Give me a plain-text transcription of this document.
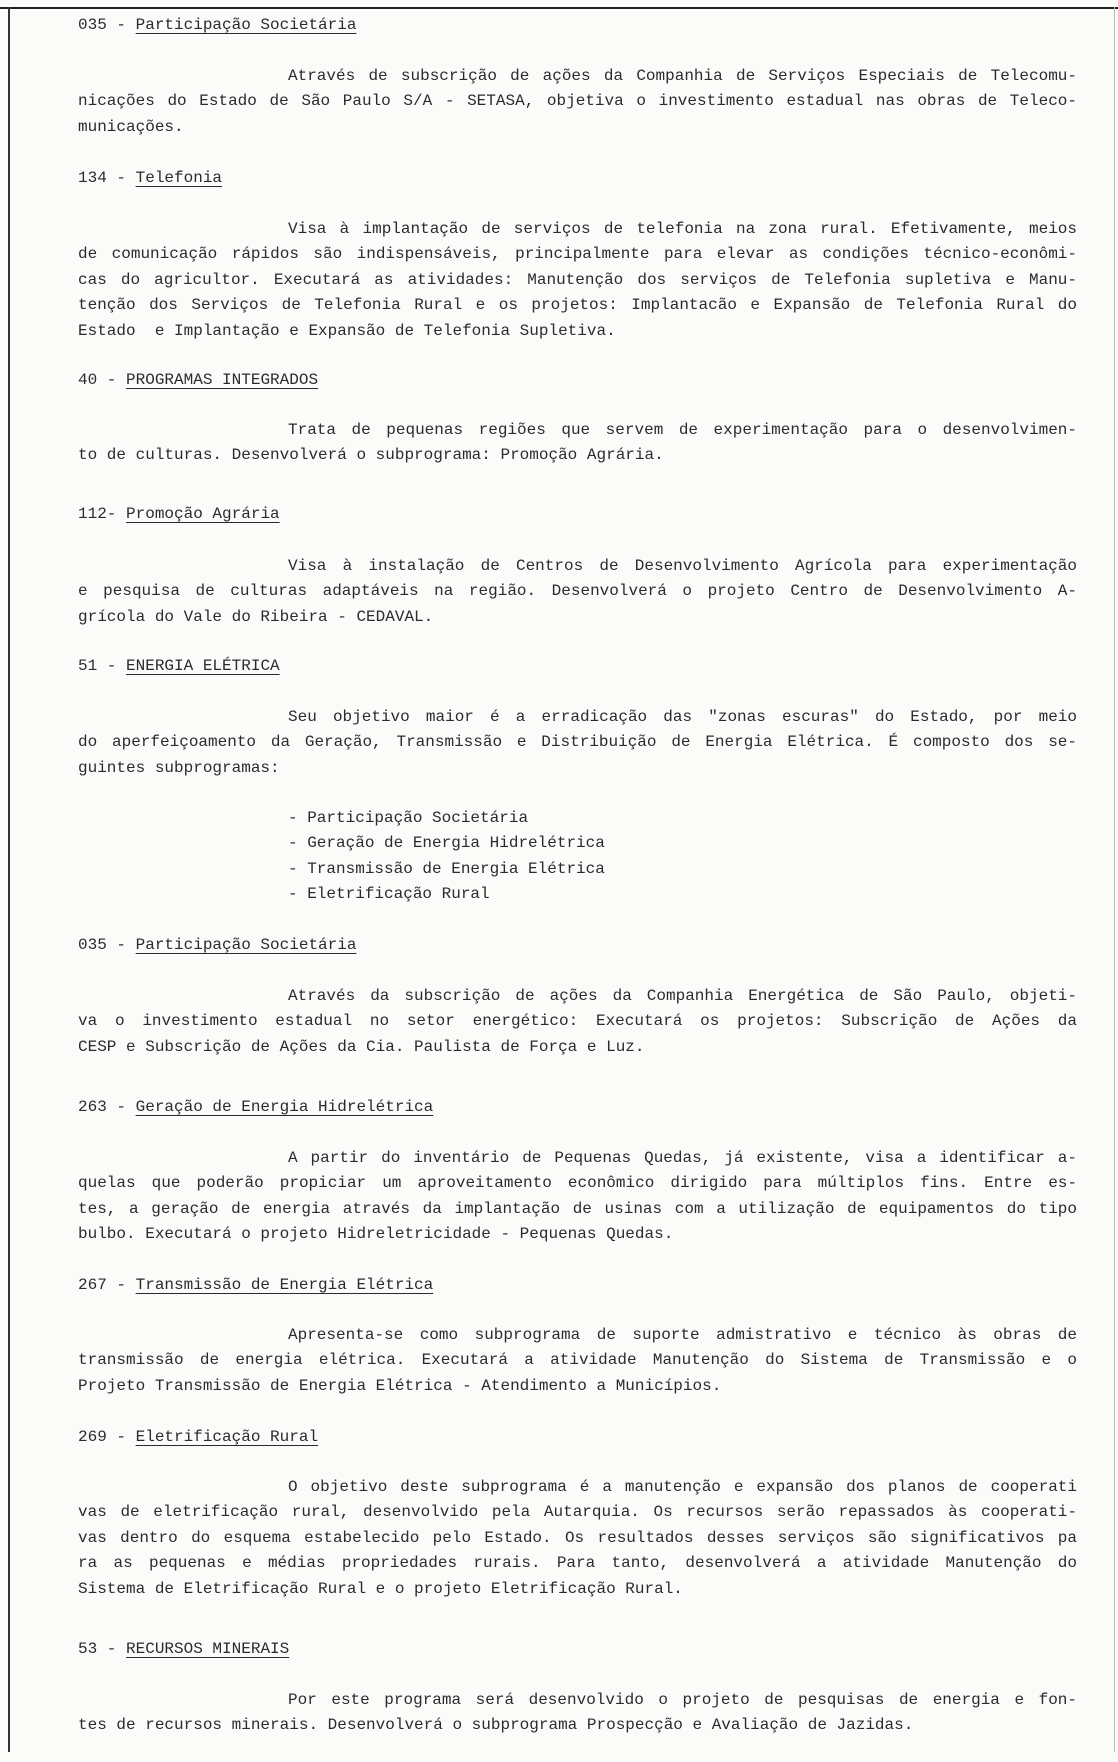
035 - Participação Societária
Através de subscrição de ações da Companhia de Serviços Especiais de Telecomu-
nicações do Estado de São Paulo S/A - SETASA, objetiva o investimento estadual nas obras de Teleco-
municações.
134 - Telefonia
Visa à implantação de serviços de telefonia na zona rural. Efetivamente, meios
de comunicação rápidos são indispensáveis, principalmente para elevar as condições técnico-econômi-
cas do agricultor. Executará as atividades: Manutenção dos serviços de Telefonia supletiva e Manu-
tenção dos Serviços de Telefonia Rural e os projetos: Implantacão e Expansão de Telefonia Rural do
Estado  e Implantação e Expansão de Telefonia Supletiva.
40 - PROGRAMAS INTEGRADOS
Trata de pequenas regiões que servem de experimentação para o desenvolvimen-
to de culturas. Desenvolverá o subprograma: Promoção Agrária.
112- Promoção Agrária
Visa à instalação de Centros de Desenvolvimento Agrícola para experimentação
e pesquisa de culturas adaptáveis na região. Desenvolverá o projeto Centro de Desenvolvimento A-
grícola do Vale do Ribeira - CEDAVAL.
51 - ENERGIA ELÉTRICA
Seu objetivo maior é a erradicação das "zonas escuras" do Estado, por meio
do aperfeiçoamento da Geração, Transmissão e Distribuição de Energia Elétrica. É composto dos se-
guintes subprogramas:
- Participação Societária
- Geração de Energia Hidrelétrica
- Transmissão de Energia Elétrica
- Eletrificação Rural
035 - Participação Societária
Através da subscrição de ações da Companhia Energética de São Paulo, objeti-
va o investimento estadual no setor energético: Executará os projetos: Subscrição de Ações da
CESP e Subscrição de Ações da Cia. Paulista de Força e Luz.
263 - Geração de Energia Hidrelétrica
A partir do inventário de Pequenas Quedas, já existente, visa a identificar a-
quelas que poderão propiciar um aproveitamento econômico dirigido para múltiplos fins. Entre es-
tes, a geração de energia através da implantação de usinas com a utilização de equipamentos do tipo
bulbo. Executará o projeto Hidreletricidade - Pequenas Quedas.
267 - Transmissão de Energia Elétrica
Apresenta-se como subprograma de suporte admistrativo e técnico às obras de
transmissão de energia elétrica. Executará a atividade Manutenção do Sistema de Transmissão e o
Projeto Transmissão de Energia Elétrica - Atendimento a Municípios.
269 - Eletrificação Rural
O objetivo deste subprograma é a manutenção e expansão dos planos de cooperati
vas de eletrificação rural, desenvolvido pela Autarquia. Os recursos serão repassados às cooperati-
vas dentro do esquema estabelecido pelo Estado. Os resultados desses serviços são significativos pa
ra as pequenas e médias propriedades rurais. Para tanto, desenvolverá a atividade Manutenção do
Sistema de Eletrificação Rural e o projeto Eletrificação Rural.
53 - RECURSOS MINERAIS
Por este programa será desenvolvido o projeto de pesquisas de energia e fon-
tes de recursos minerais. Desenvolverá o subprograma Prospecção e Avaliação de Jazidas.
